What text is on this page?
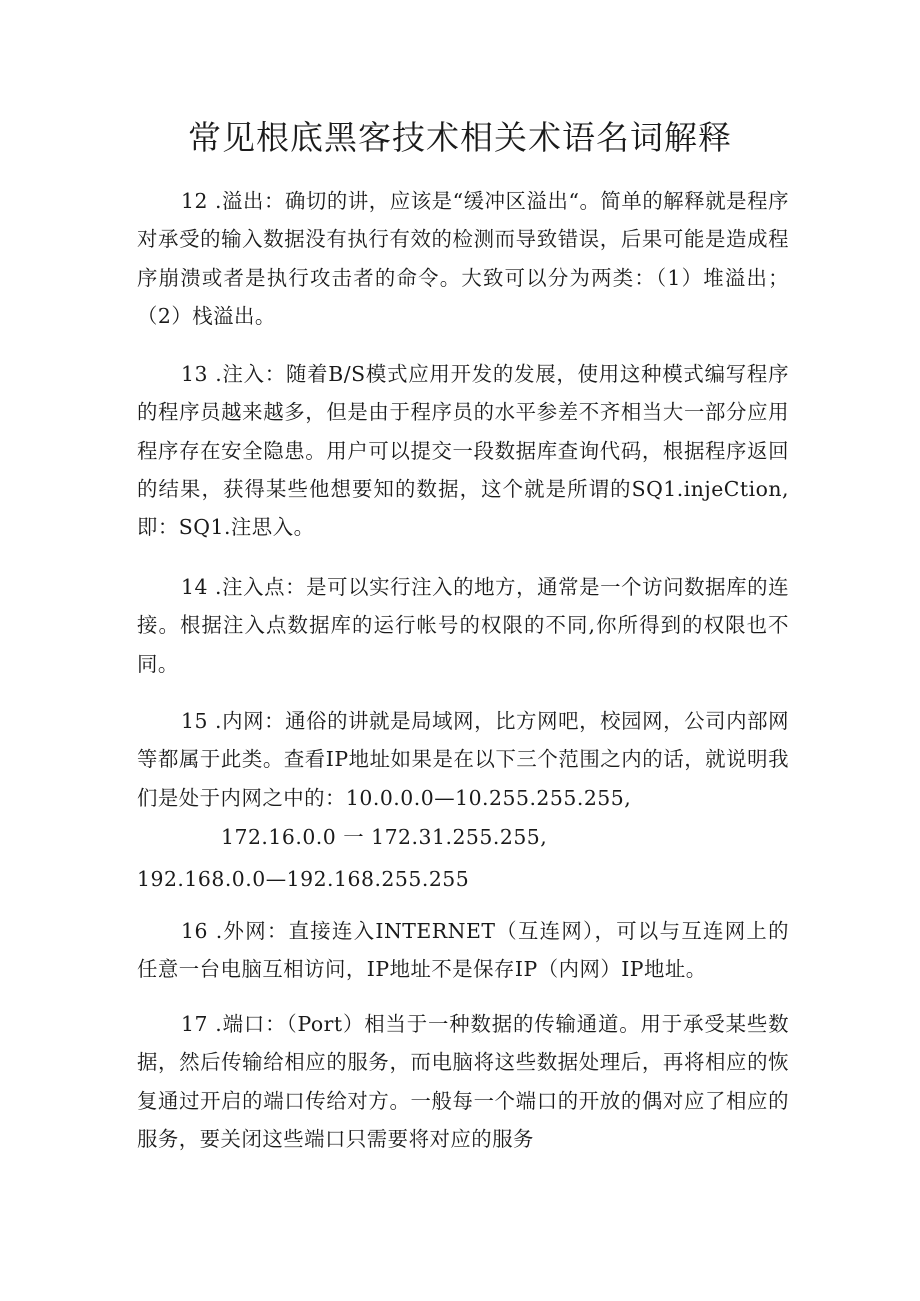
常见根底黑客技术相关术语名词解释

12 .溢出：确切的讲，应该是“缓冲区溢出“。简单的解释就是程序对承受的输入数据没有执行有效的检测而导致错误，后果可能是造成程序崩溃或者是执行攻击者的命令。大致可以分为两类：（1）堆溢出；（2）栈溢出。

13 .注入：随着B/S模式应用开发的发展，使用这种模式编写程序的程序员越来越多，但是由于程序员的水平参差不齐相当大一部分应用程序存在安全隐患。用户可以提交一段数据库查询代码，根据程序返回的结果，获得某些他想要知的数据，这个就是所谓的SQ1.injeCtion,即：SQ1.注思入。

14 .注入点：是可以实行注入的地方，通常是一个访问数据库的连接。根据注入点数据库的运行帐号的权限的不同,你所得到的权限也不同。

15 .内网：通俗的讲就是局域网，比方网吧，校园网，公司内部网等都属于此类。查看IP地址如果是在以下三个范围之内的话，就说明我们是处于内网之中的：10.0.0.0—10.255.255.255,

172.16.0.0 一 172.31.255.255,
192.168.0.0—192.168.255.255

16 .外网：直接连入INTERNET（互连网），可以与互连网上的任意一台电脑互相访问，IP地址不是保存IP（内网）IP地址。

17 .端口：（Port）相当于一种数据的传输通道。用于承受某些数据，然后传输给相应的服务，而电脑将这些数据处理后，再将相应的恢复通过开启的端口传给对方。一般每一个端口的开放的偶对应了相应的服务，要关闭这些端口只需要将对应的服务
